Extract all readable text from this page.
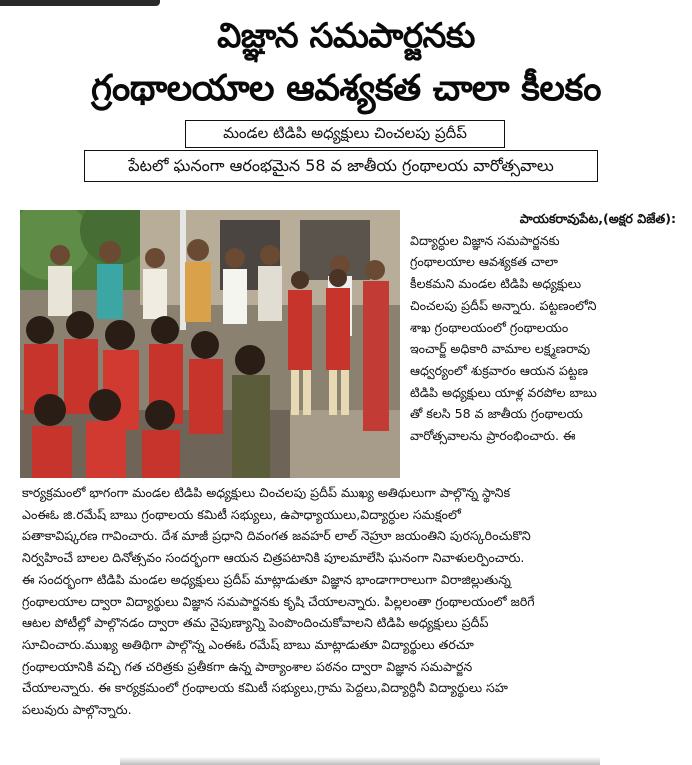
విజ్ఞాన సమపార్జనకు
గ్రంథాలయాల ఆవశ్యకత చాలా కీలకం
మండల టిడిపి అధ్యక్షులు చించలపు ప్రదీప్
పేటలో ఘనంగా ఆరంభమైన 58 వ జాతీయ గ్రంథాలయ వారోత్సవాలు
పాయకరావుపేట,(అక్షర విజేత):
విద్యార్ధుల విజ్ఞాన సమపార్జనకు
గ్రంథాలయాల ఆవశ్యకత చాలా
కీలకమని మండల టిడిపి అధ్యక్షులు
చించలపు ప్రదీప్ అన్నారు. పట్టణంలోని
శాఖ గ్రంథాలయంలో గ్రంథాలయం
ఇంచార్జ్ అధికారి వామాల లక్ష్మణరావు
ఆధ్వర్యంలో శుక్రవారం ఆయన పట్టణ
టిడిపి అధ్యక్షులు యాళ్ల వరపోల బాబు
తో కలసి 58 వ జాతీయ గ్రంథాలయ
వారోత్సవాలను ప్రారంభించారు. ఈ
కార్యక్రమంలో భాగంగా మండల టిడిపి అధ్యక్షులు చించలపు ప్రదీప్ ముఖ్య అతిథులుగా పాల్గొన్న స్థానిక
ఎంఈఓ జి.రమేష్ బాబు గ్రంథాలయ కమిటీ సభ్యులు, ఉపాధ్యాయులు,విద్యార్ధుల సమక్షంలో
పతాకావిష్కరణ గావించారు. దేశ మాజీ ప్రధాని దివంగత జవహర్ లాల్ నెహ్రూ జయంతిని పురస్కరించుకొని
నిర్వహించే బాలల దినోత్సవం సందర్భంగా ఆయన చిత్రపటానికి పూలమాలేసి ఘనంగా నివాళులర్పించారు.
ఈ సందర్భంగా టిడిపి మండల అధ్యక్షులు ప్రదీప్ మాట్లాడుతూ విజ్ఞాన భాండాగారాలుగా విరాజిల్లుతున్న
గ్రంథాలయాల ద్వారా విద్యార్థులు విజ్ఞాన సమపార్జనకు కృషి చేయాలన్నారు. పిల్లలంతా గ్రంథాలయంలో జరిగే
ఆటల పోటీల్లో పాల్గొనడం ద్వారా తమ నైపుణ్యాన్ని పెంపొందించుకోవాలని టిడిపి అధ్యక్షులు ప్రదీప్
సూచించారు.ముఖ్య అతిథిగా పాల్గొన్న ఎంఈఓ రమేష్ బాబు మాట్లాడుతూ విద్యార్థులు తరచూ
గ్రంథాలయానికి వచ్చి గత చరిత్రకు ప్రతీకగా ఉన్న పాఠ్యాంశాల పఠనం ద్వారా విజ్ఞాన సమపార్జన
చేయాలన్నారు. ఈ కార్యక్రమంలో గ్రంథాలయ కమిటీ సభ్యులు,గ్రామ పెద్దలు,విద్యార్ధినీ విద్యార్థులు సహ
పలువురు పాల్గొన్నారు.
